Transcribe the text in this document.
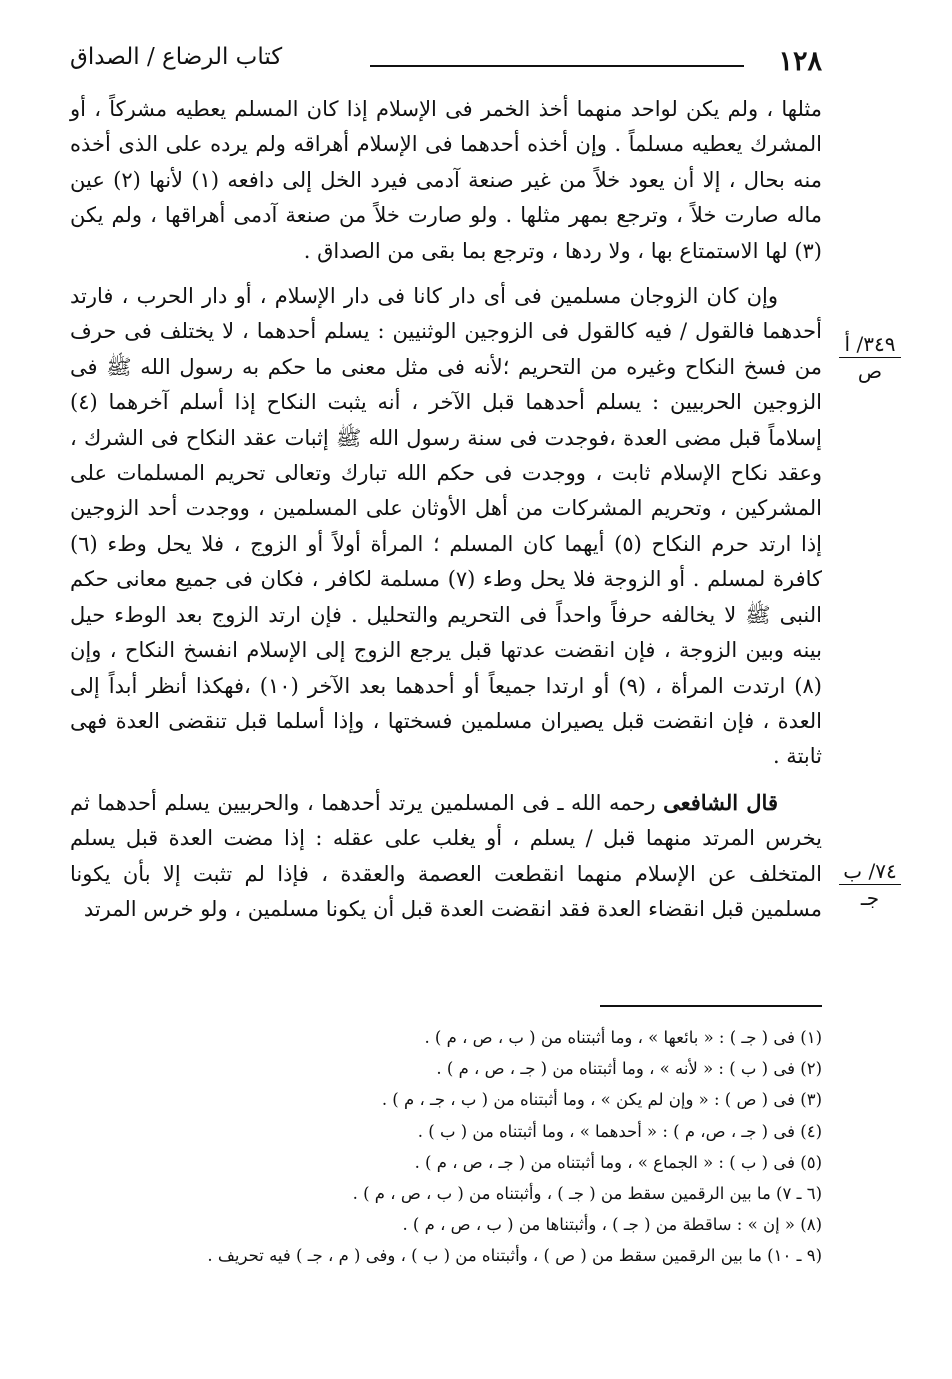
١٢٨
كتاب الرضاع / الصداق
٣٤٩/ أ
ص
٧٤/ ب
جـ

مثلها ، ولم يكن لواحد منهما أخذ الخمر فى الإسلام إذا كان المسلم يعطيه مشركاً ، أو المشرك يعطيه مسلماً . وإن أخذه أحدهما فى الإسلام أهراقه ولم يرده على الذى أخذه منه بحال ، إلا أن يعود خلاً من غير صنعة آدمى فيرد الخل إلى دافعه (١) لأنها (٢) عين ماله صارت خلاً ، وترجع بمهر مثلها . ولو صارت خلاً من صنعة آدمى أهراقها ، ولم يكن (٣) لها الاستمتاع بها ، ولا ردها ، وترجع بما بقى من الصداق .

وإن كان الزوجان مسلمين فى أى دار كانا فى دار الإسلام ، أو دار الحرب ، فارتد أحدهما فالقول / فيه كالقول فى الزوجين الوثنيين : يسلم أحدهما ، لا يختلف فى حرف من فسخ النكاح وغيره من التحريم ؛لأنه فى مثل معنى ما حكم به رسول الله ﷺ فى الزوجين الحربيين : يسلم أحدهما قبل الآخر ، أنه يثبت النكاح إذا أسلم آخرهما (٤) إسلاماً قبل مضى العدة ،فوجدت فى سنة رسول الله ﷺ إثبات عقد النكاح فى الشرك ، وعقد نكاح الإسلام ثابت ، ووجدت فى حكم الله تبارك وتعالى تحريم المسلمات على المشركين ، وتحريم المشركات من أهل الأوثان على المسلمين ، ووجدت أحد الزوجين إذا ارتد حرم النكاح (٥) أيهما كان المسلم ؛ المرأة أولاً أو الزوج ، فلا يحل وطء (٦) كافرة لمسلم . أو الزوجة فلا يحل وطء (٧) مسلمة لكافر ، فكان فى جميع معانى حكم النبى ﷺ لا يخالفه حرفاً واحداً فى التحريم والتحليل . فإن ارتد الزوج بعد الوطء حيل بينه وبين الزوجة ، فإن انقضت عدتها قبل يرجع الزوج إلى الإسلام انفسخ النكاح ، وإن (٨) ارتدت المرأة ، (٩) أو ارتدا جميعاً أو أحدهما بعد الآخر (١٠) ،فهكذا أنظر أبداً إلى العدة ، فإن انقضت قبل يصيران مسلمين فسختها ، وإذا أسلما قبل تنقضى العدة فهى ثابتة .

قال الشافعى رحمه الله ـ فى المسلمين يرتد أحدهما ، والحربيين يسلم أحدهما ثم يخرس المرتد منهما قبل / يسلم ، أو يغلب على عقله : إذا مضت العدة قبل يسلم المتخلف عن الإسلام منهما انقطعت العصمة والعقدة ، فإذا لم تثبت إلا بأن يكونا مسلمين قبل انقضاء العدة فقد انقضت العدة قبل أن يكونا مسلمين ، ولو خرس المرتد

(١) فى ( جـ ) : « بائعها » ، وما أثبتناه من ( ب ، ص ، م ) .

(٢) فى ( ب ) : « لأنه » ، وما أثبتناه من ( جـ ، ص ، م ) .

(٣) فى ( ص ) : « وإن لم يكن » ، وما أثبتناه من ( ب ، جـ ، م ) .

(٤) فى ( جـ ، ص، م ) : « أحدهما » ، وما أثبتناه من ( ب ) .

(٥) فى ( ب ) : « الجماع » ، وما أثبتناه من ( جـ ، ص ، م ) .

(٦ ـ ٧) ما بين الرقمين سقط من ( جـ ) ، وأثبتناه من ( ب ، ص ، م ) .

(٨) « إن » : ساقطة من ( جـ ) ، وأثبتناها من ( ب ، ص ، م ) .

(٩ ـ ١٠) ما بين الرقمين سقط من ( ص ) ، وأثبتناه من ( ب ) ، وفى ( م ، جـ ) فيه تحريف .
